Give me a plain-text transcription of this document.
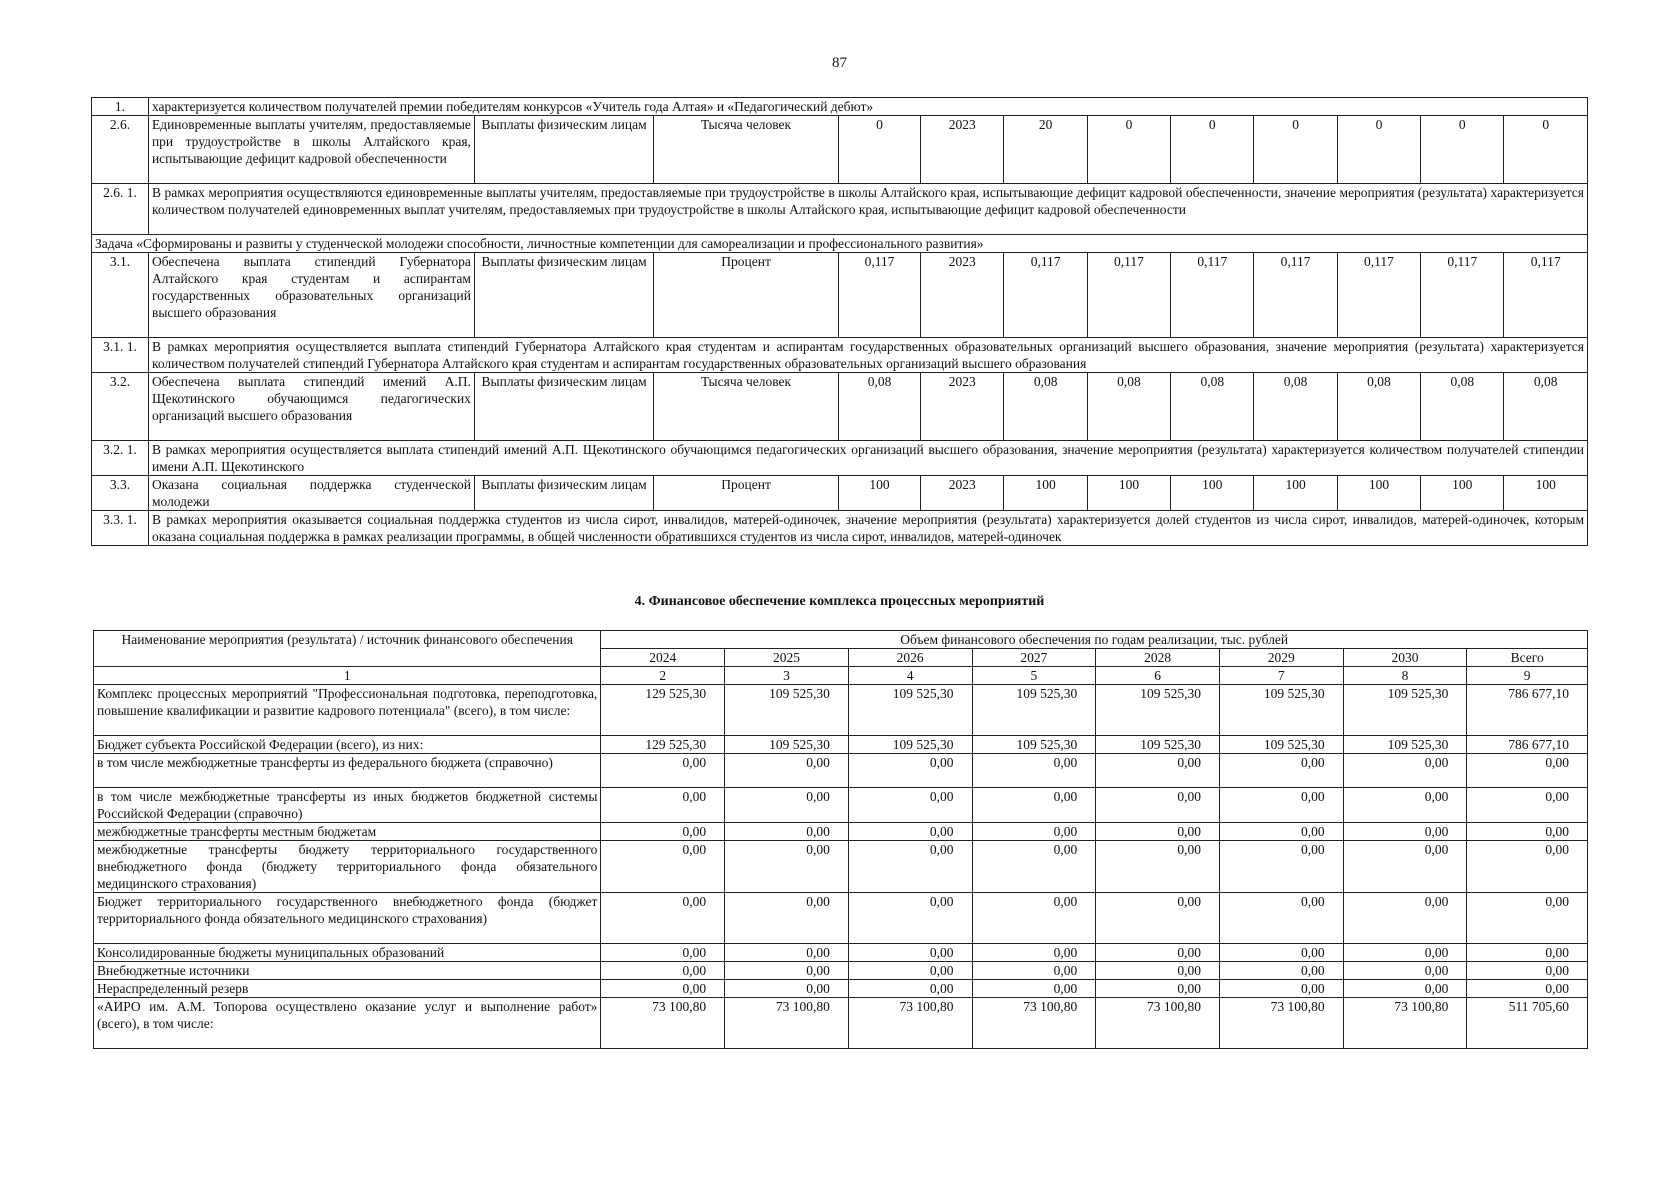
87
1.	характеризуется количеством получателей премии победителям конкурсов «Учитель года Алтая» и «Педагогический дебют»											
2.6.	Единовременные выплаты учителям, предоставляемые при трудоустройстве в школы Алтайского края, испытывающие дефицит кадровой обеспеченности	Выплаты физическим лицам	Тысяча человек	0	2023	20	0	0	0	0	0	0
2.6. 1.	В рамках мероприятия осуществляются единовременные выплаты учителям, предоставляемые при трудоустройстве в школы Алтайского края, испытывающие дефицит кадровой обеспеченности, значение мероприятия (результата) характеризуется количеством получателей единовременных выплат учителям, предоставляемых при трудоустройстве в школы Алтайского края, испытывающие дефицит кадровой обеспеченности											
Задача «Сформированы и развиты у студенческой молодежи способности, личностные компетенции для самореализации и профессионального развития»												
3.1.	Обеспечена выплата стипендий Губернатора Алтайского края студентам и аспирантам государственных образовательных организаций высшего образования	Выплаты физическим лицам	Процент	0,117	2023	0,117	0,117	0,117	0,117	0,117	0,117	0,117
3.1. 1.	В рамках мероприятия осуществляется выплата стипендий Губернатора Алтайского края студентам и аспирантам государственных образовательных организаций высшего образования, значение мероприятия (результата) характеризуется количеством получателей стипендий Губернатора Алтайского края студентам и аспирантам государственных образовательных организаций высшего образования											
3.2.	Обеспечена выплата стипендий имений А.П. Щекотинского обучающимся педагогических организаций высшего образования	Выплаты физическим лицам	Тысяча человек	0,08	2023	0,08	0,08	0,08	0,08	0,08	0,08	0,08
3.2. 1.	В рамках мероприятия осуществляется выплата стипендий имений А.П. Щекотинского обучающимся педагогических организаций высшего образования, значение мероприятия (результата) характеризуется количеством получателей стипендии имени А.П. Щекотинского											
3.3.	Оказана социальная поддержка студенческой молодежи	Выплаты физическим лицам	Процент	100	2023	100	100	100	100	100	100	100
3.3. 1.	В рамках мероприятия оказывается социальная поддержка студентов из числа сирот, инвалидов, матерей-одиночек, значение мероприятия (результата) характеризуется долей студентов из числа сирот, инвалидов, матерей-одиночек, которым оказана социальная поддержка в рамках реализации программы, в общей численности обратившихся студентов из числа сирот, инвалидов, матерей-одиночек											
4. Финансовое обеспечение комплекса процессных мероприятий
Наименование мероприятия (результата) / источник финансового обеспечения	Объем финансового обеспечения по годам реализации, тыс. рублей							
	2024	2025	2026	2027	2028	2029	2030	Всего
1	2	3	4	5	6	7	8	9
Комплекс процессных мероприятий "Профессиональная подготовка, переподготовка, повышение квалификации и развитие кадрового потенциала" (всего), в том числе:	129 525,30	109 525,30	109 525,30	109 525,30	109 525,30	109 525,30	109 525,30	786 677,10
Бюджет субъекта Российской Федерации (всего), из них:	129 525,30	109 525,30	109 525,30	109 525,30	109 525,30	109 525,30	109 525,30	786 677,10
в том числе межбюджетные трансферты из федерального бюджета (справочно)	0,00	0,00	0,00	0,00	0,00	0,00	0,00	0,00
в том числе межбюджетные трансферты из иных бюджетов бюджетной системы Российской Федерации (справочно)	0,00	0,00	0,00	0,00	0,00	0,00	0,00	0,00
межбюджетные трансферты местным бюджетам	0,00	0,00	0,00	0,00	0,00	0,00	0,00	0,00
межбюджетные трансферты бюджету территориального государственного внебюджетного фонда (бюджету территориального фонда обязательного медицинского страхования)	0,00	0,00	0,00	0,00	0,00	0,00	0,00	0,00
Бюджет территориального государственного внебюджетного фонда (бюджет территориального фонда обязательного медицинского страхования)	0,00	0,00	0,00	0,00	0,00	0,00	0,00	0,00
Консолидированные бюджеты муниципальных образований	0,00	0,00	0,00	0,00	0,00	0,00	0,00	0,00
Внебюджетные источники	0,00	0,00	0,00	0,00	0,00	0,00	0,00	0,00
Нераспределенный резерв	0,00	0,00	0,00	0,00	0,00	0,00	0,00	0,00
«АИРО им. А.М. Топорова осуществлено оказание услуг и выполнение работ» (всего), в том числе:	73 100,80	73 100,80	73 100,80	73 100,80	73 100,80	73 100,80	73 100,80	511 705,60
